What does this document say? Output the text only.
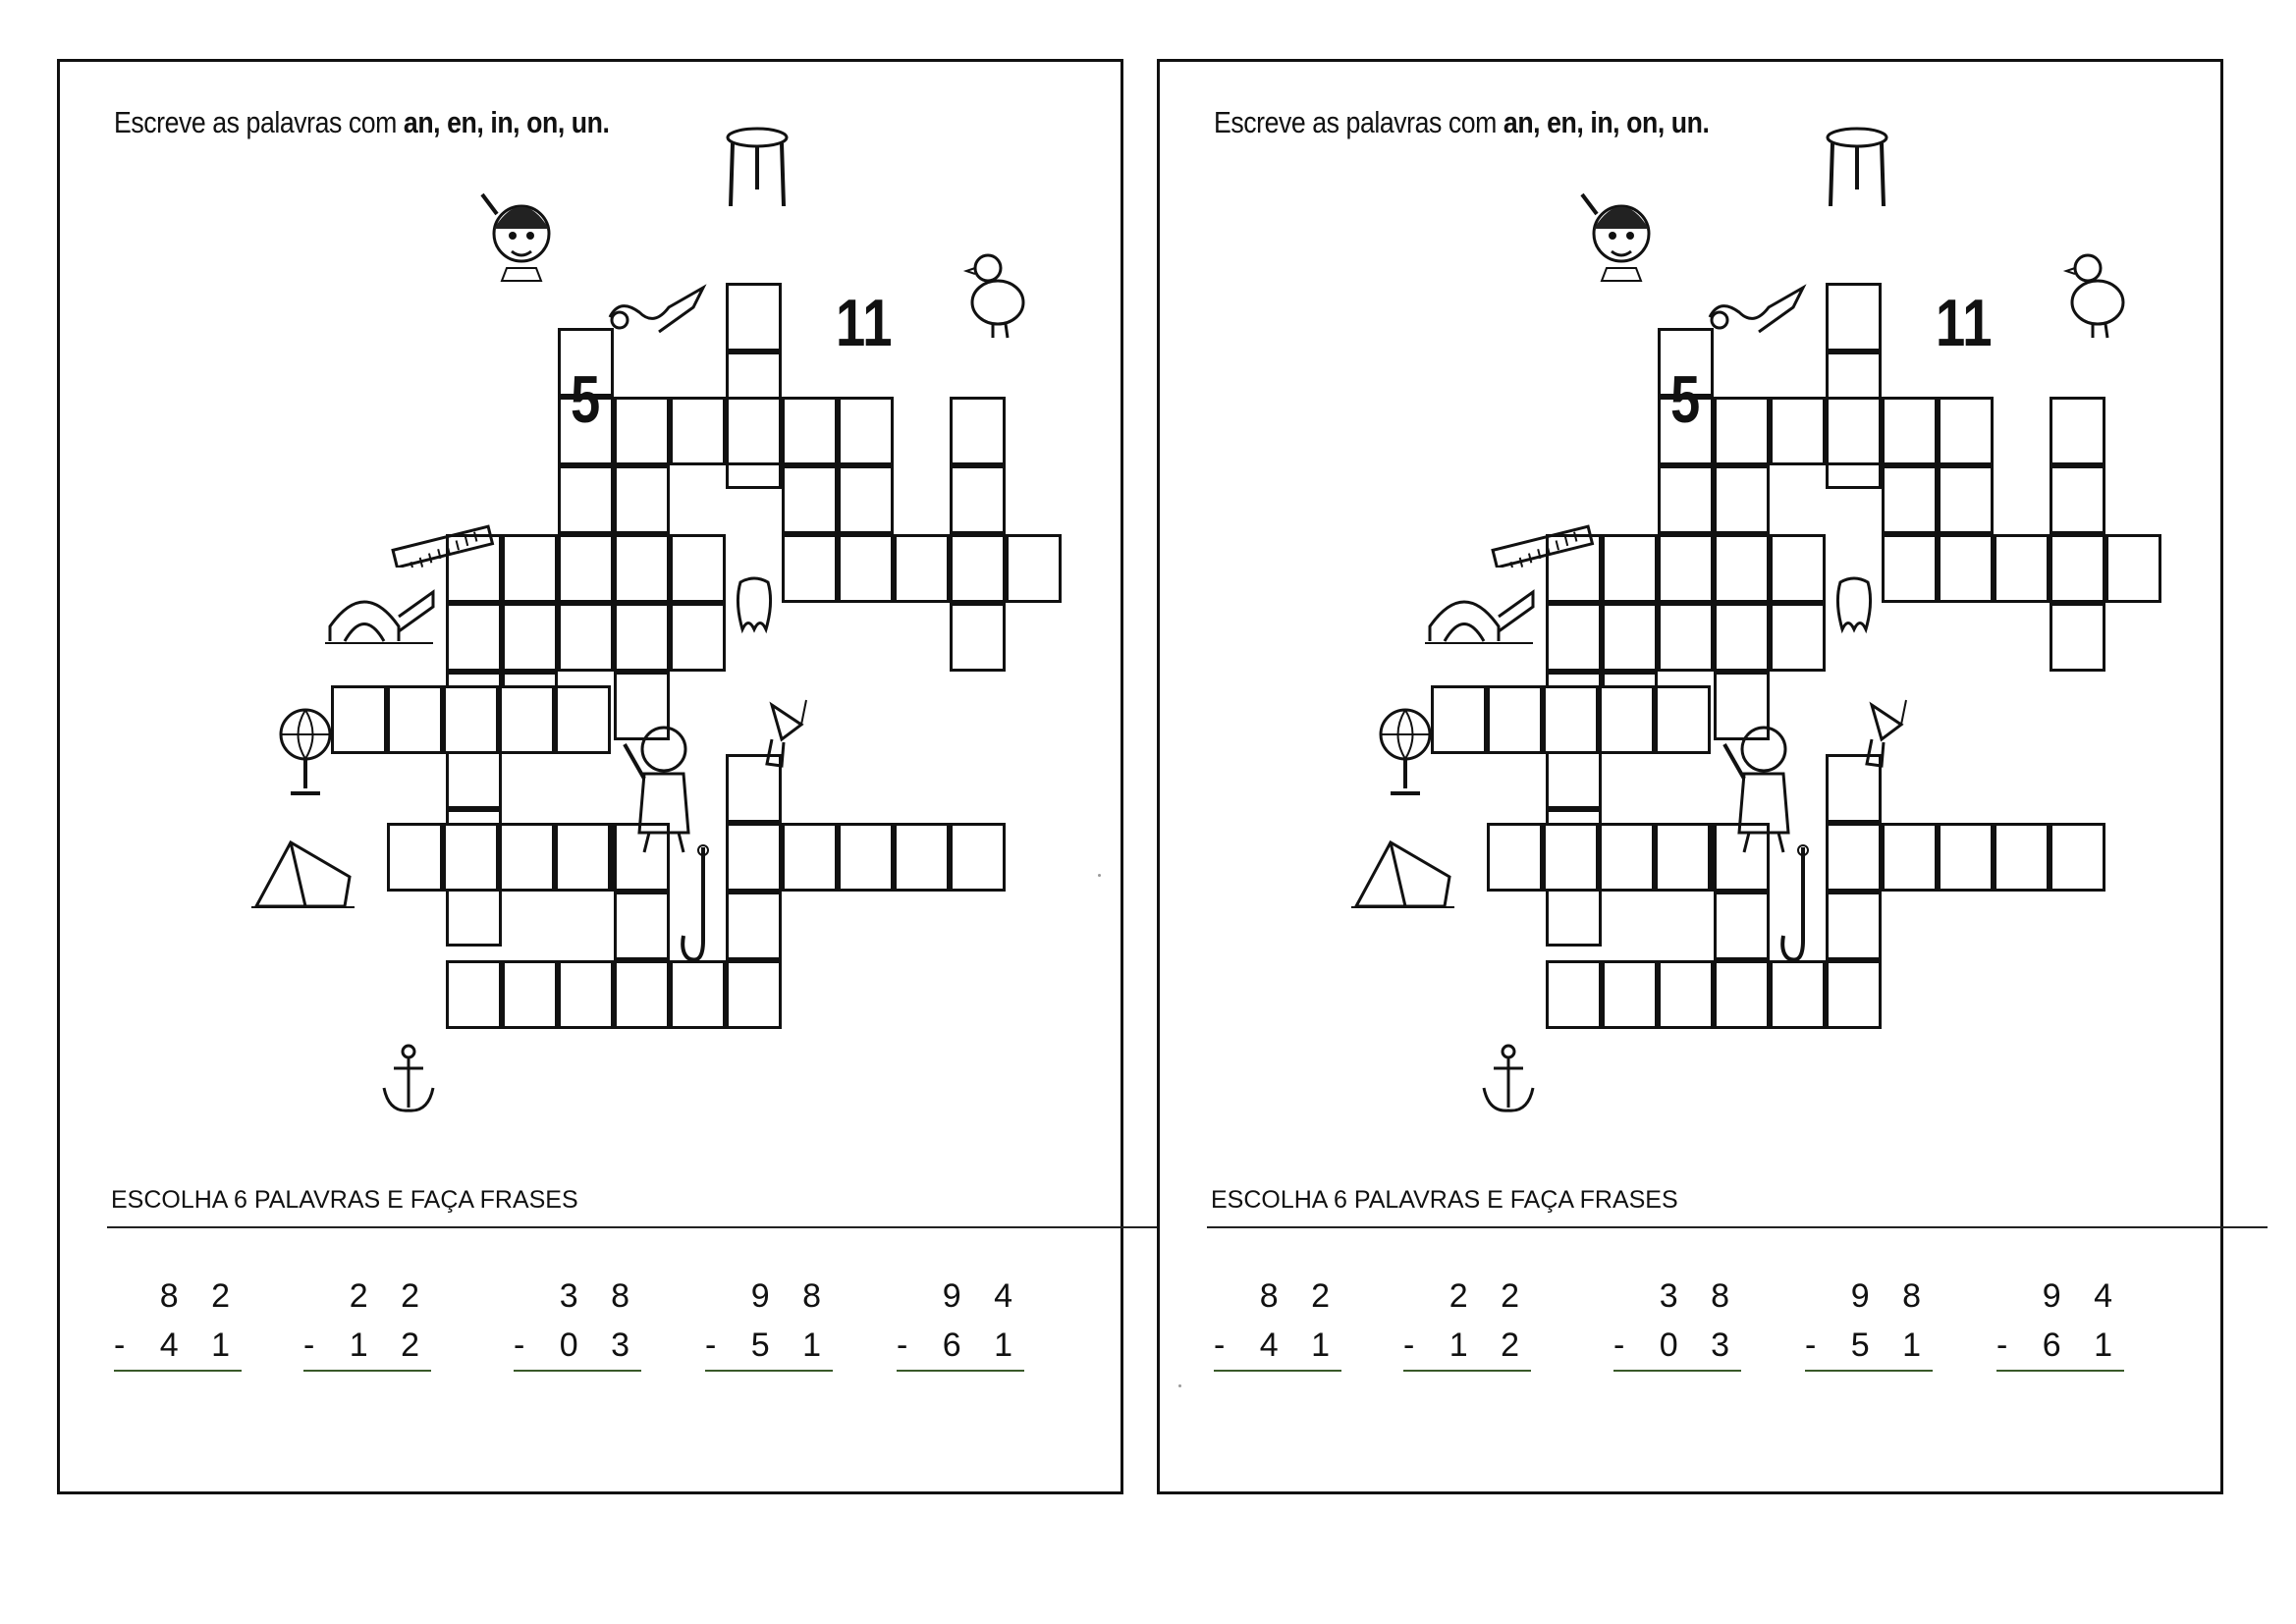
Escreve as palavras com an, en, in, on, un.
5
11
ESCOLHA 6 PALAVRAS E FAÇA FRASES
8 2
- 4 1
2 2
- 1 2
3 8
- 0 3
9 8
- 5 1
9 4
- 6 1
Escreve as palavras com an, en, in, on, un.
5
11
ESCOLHA 6 PALAVRAS E FAÇA FRASES
8 2
- 4 1
2 2
- 1 2
3 8
- 0 3
9 8
- 5 1
9 4
- 6 1
